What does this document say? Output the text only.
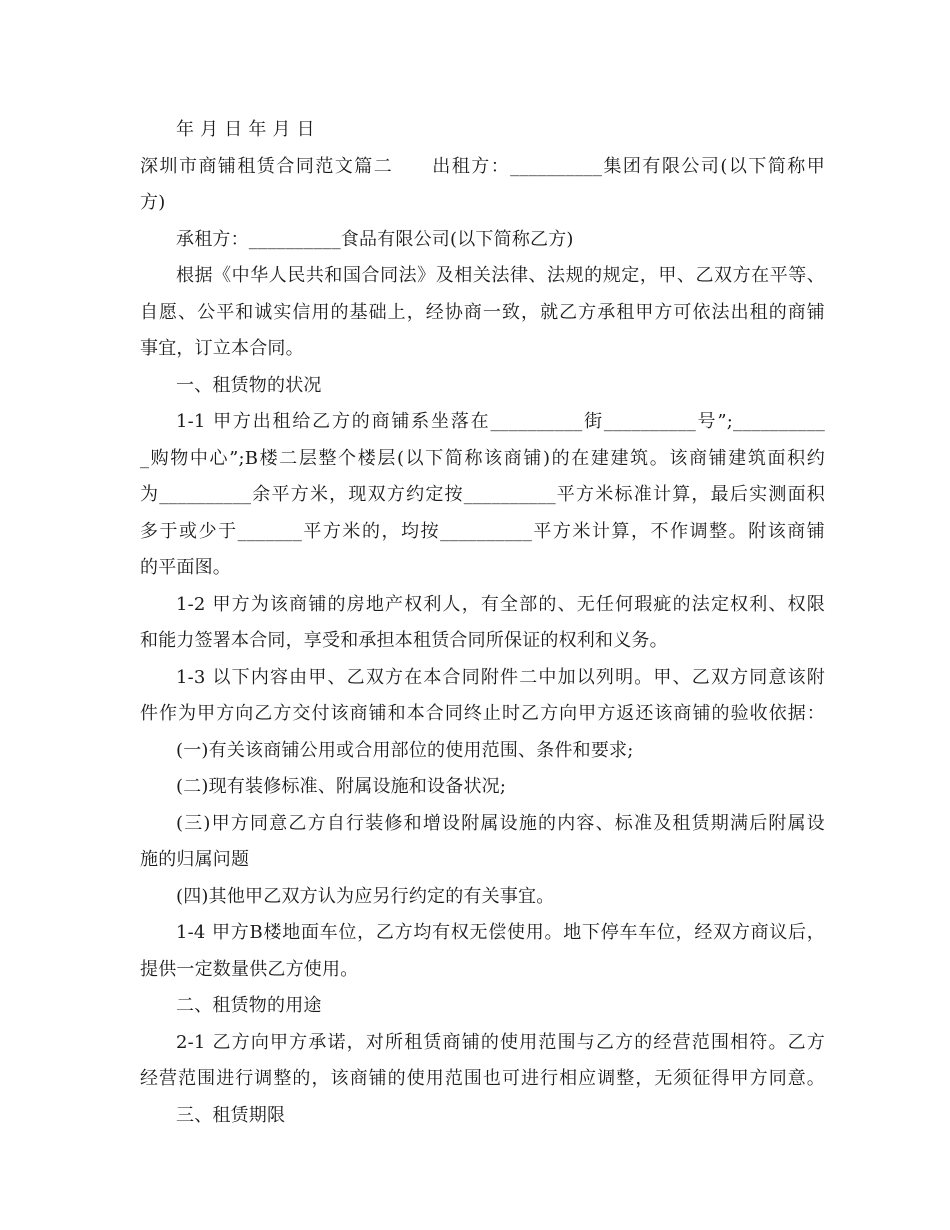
年 月 日 年 月 日
深圳市商铺租赁合同范文篇二　　出租方：__________集团有限公司(以下简称甲
方)
承租方：__________食品有限公司(以下简称乙方)
根据《中华人民共和国合同法》及相关法律、法规的规定，甲、乙双方在平等、
自愿、公平和诚实信用的基础上，经协商一致，就乙方承租甲方可依法出租的商铺
事宜，订立本合同。
一、租赁物的状况
1-1 甲方出租给乙方的商铺系坐落在__________街__________号”;__________
_购物中心”;B楼二层整个楼层(以下简称该商铺)的在建建筑。该商铺建筑面积约
为__________余平方米，现双方约定按__________平方米标准计算，最后实测面积
多于或少于_______平方米的，均按__________平方米计算，不作调整。附该商铺
的平面图。
1-2 甲方为该商铺的房地产权利人，有全部的、无任何瑕疵的法定权利、权限
和能力签署本合同，享受和承担本租赁合同所保证的权利和义务。
1-3 以下内容由甲、乙双方在本合同附件二中加以列明。甲、乙双方同意该附
件作为甲方向乙方交付该商铺和本合同终止时乙方向甲方返还该商铺的验收依据：
(一)有关该商铺公用或合用部位的使用范围、条件和要求;
(二)现有装修标准、附属设施和设备状况;
(三)甲方同意乙方自行装修和增设附属设施的内容、标准及租赁期满后附属设
施的归属问题
(四)其他甲乙双方认为应另行约定的有关事宜。
1-4 甲方B楼地面车位，乙方均有权无偿使用。地下停车车位，经双方商议后，
提供一定数量供乙方使用。
二、租赁物的用途
2-1 乙方向甲方承诺，对所租赁商铺的使用范围与乙方的经营范围相符。乙方
经营范围进行调整的，该商铺的使用范围也可进行相应调整，无须征得甲方同意。
三、租赁期限
